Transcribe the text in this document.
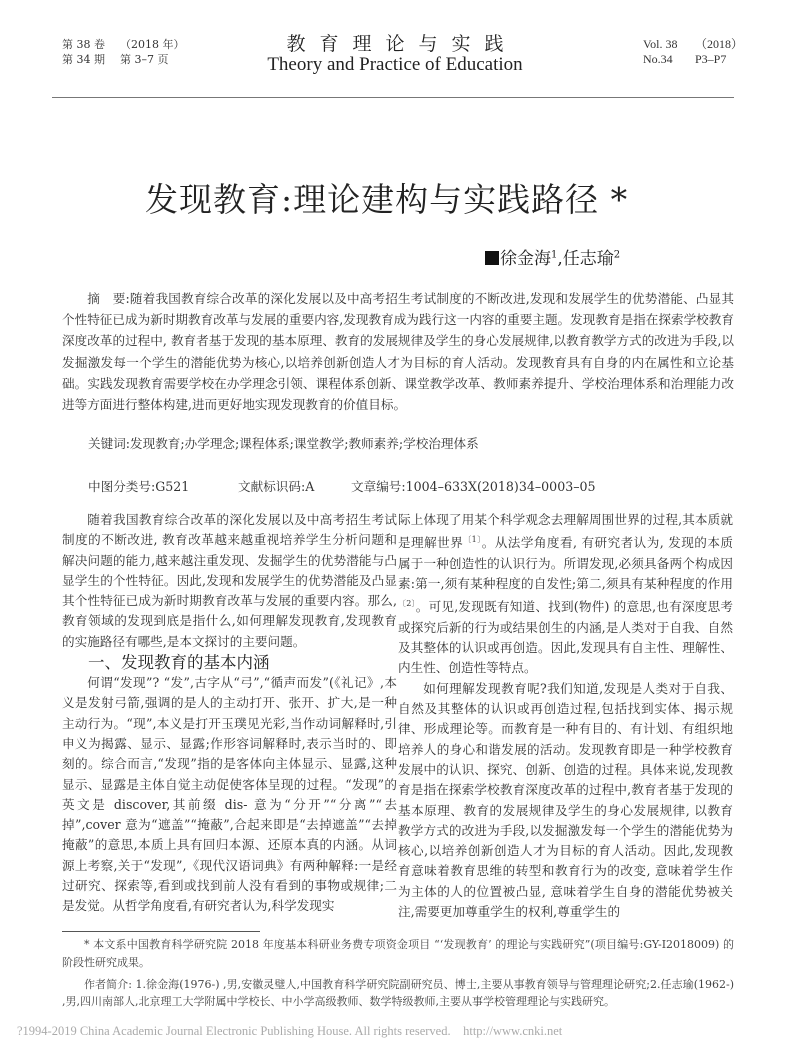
第 38 卷 （2018 年）
第 34 期 第 3–7 页
教育理论与实践
Theory and Practice of Education
Vol. 38 （2018）
No.34 P3–P7
发现教育:理论建构与实践路径 *
徐金海$^1$,任志瑜$^2$

摘　要:随着我国教育综合改革的深化发展以及中高考招生考试制度的不断改进,发现和发展学生的优势潜能、凸显其个性特征已成为新时期教育改革与发展的重要内容,发现教育成为践行这一内容的重要主题。发现教育是指在探索学校教育深度改革的过程中, 教育者基于发现的基本原理、教育的发展规律及学生的身心发展规律,以教育教学方式的改进为手段,以发掘激发每一个学生的潜能优势为核心,以培养创新创造人才为目标的育人活动。发现教育具有自身的内在属性和立论基础。实践发现教育需要学校在办学理念引领、课程体系创新、课堂教学改革、教师素养提升、学校治理体系和治理能力改进等方面进行整体构建,进而更好地实现发现教育的价值目标。

关键词:发现教育;办学理念;课程体系;课堂教学;教师素养;学校治理体系
中图分类号:G521	文献标识码:A	文章编号:1004–633X(2018)34–0003–05

随着我国教育综合改革的深化发展以及中高考招生考试制度的不断改进, 教育改革越来越重视培养学生分析问题和解决问题的能力,越来越注重发现、发掘学生的优势潜能与凸显学生的个性特征。因此,发现和发展学生的优势潜能及凸显其个性特征已成为新时期教育改革与发展的重要内容。那么,教育领域的发现到底是指什么,如何理解发现教育,发现教育的实施路径有哪些,是本文探讨的主要问题。

一、发现教育的基本内涵

何谓“发现”? “发”,古字从“弓”,“循声而发”(《礼记》,本义是发射弓箭,强调的是人的主动打开、张开、扩大,是一种主动行为。“现”,本义是打开玉璞见光彩,当作动词解释时,引申义为揭露、显示、显露;作形容词解释时,表示当时的、即刻的。综合而言,“发现”指的是客体向主体显示、显露,这种显示、显露是主体自觉主动促使客体呈现的过程。“发现”的英文是 discover,其前缀 dis- 意为“分开”“分离”“去掉”,cover 意为“遮盖”“掩蔽”,合起来即是“去掉遮盖”“去掉掩蔽”的意思,本质上具有回归本源、还原本真的内涵。从词源上考察,关于“发现”,《现代汉语词典》有两种解释:一是经过研究、探索等,看到或找到前人没有看到的事物或规律;二是发觉。从哲学角度看,有研究者认为,科学发现实

际上体现了用某个科学观念去理解周围世界的过程,其本质就是理解世界$^{〔1〕}$。从法学角度看, 有研究者认为, 发现的本质属于一种创造性的认识行为。所谓发现,必须具备两个构成因素:第一,须有某种程度的自发性;第二,须具有某种程度的作用$^{〔2〕}$。可见,发现既有知道、找到(物件) 的意思,也有深度思考或探究后新的行为或结果创生的内涵,是人类对于自我、自然及其整体的认识或再创造。因此,发现具有自主性、理解性、内生性、创造性等特点。

如何理解发现教育呢?我们知道,发现是人类对于自我、自然及其整体的认识或再创造过程,包括找到实体、揭示规律、形成理论等。而教育是一种有目的、有计划、有组织地培养人的身心和谐发展的活动。发现教育即是一种学校教育发展中的认识、探究、创新、创造的过程。具体来说,发现教育是指在探索学校教育深度改革的过程中,教育者基于发现的基本原理、教育的发展规律及学生的身心发展规律, 以教育教学方式的改进为手段,以发掘激发每一个学生的潜能优势为核心,以培养创新创造人才为目标的育人活动。因此,发现教育意味着教育思维的转型和教育行为的改变, 意味着学生作为主体的人的位置被凸显, 意味着学生自身的潜能优势被关注,需要更加尊重学生的权利,尊重学生的

* 本文系中国教育科学研究院 2018 年度基本科研业务费专项资金项目 “‘发现教育’ 的理论与实践研究”(项目编号:GY-I2018009) 的阶段性研究成果。

作者简介: 1.徐金海(1976-) ,男,安徽灵璧人,中国教育科学研究院副研究员、博士,主要从事教育领导与管理理论研究;2.任志瑜(1962-) ,男,四川南部人,北京理工大学附属中学校长、中小学高级教师、数学特级教师,主要从事学校管理理论与实践研究。

?1994-2019 China Academic Journal Electronic Publishing House. All rights reserved.    http://www.cnki.net
